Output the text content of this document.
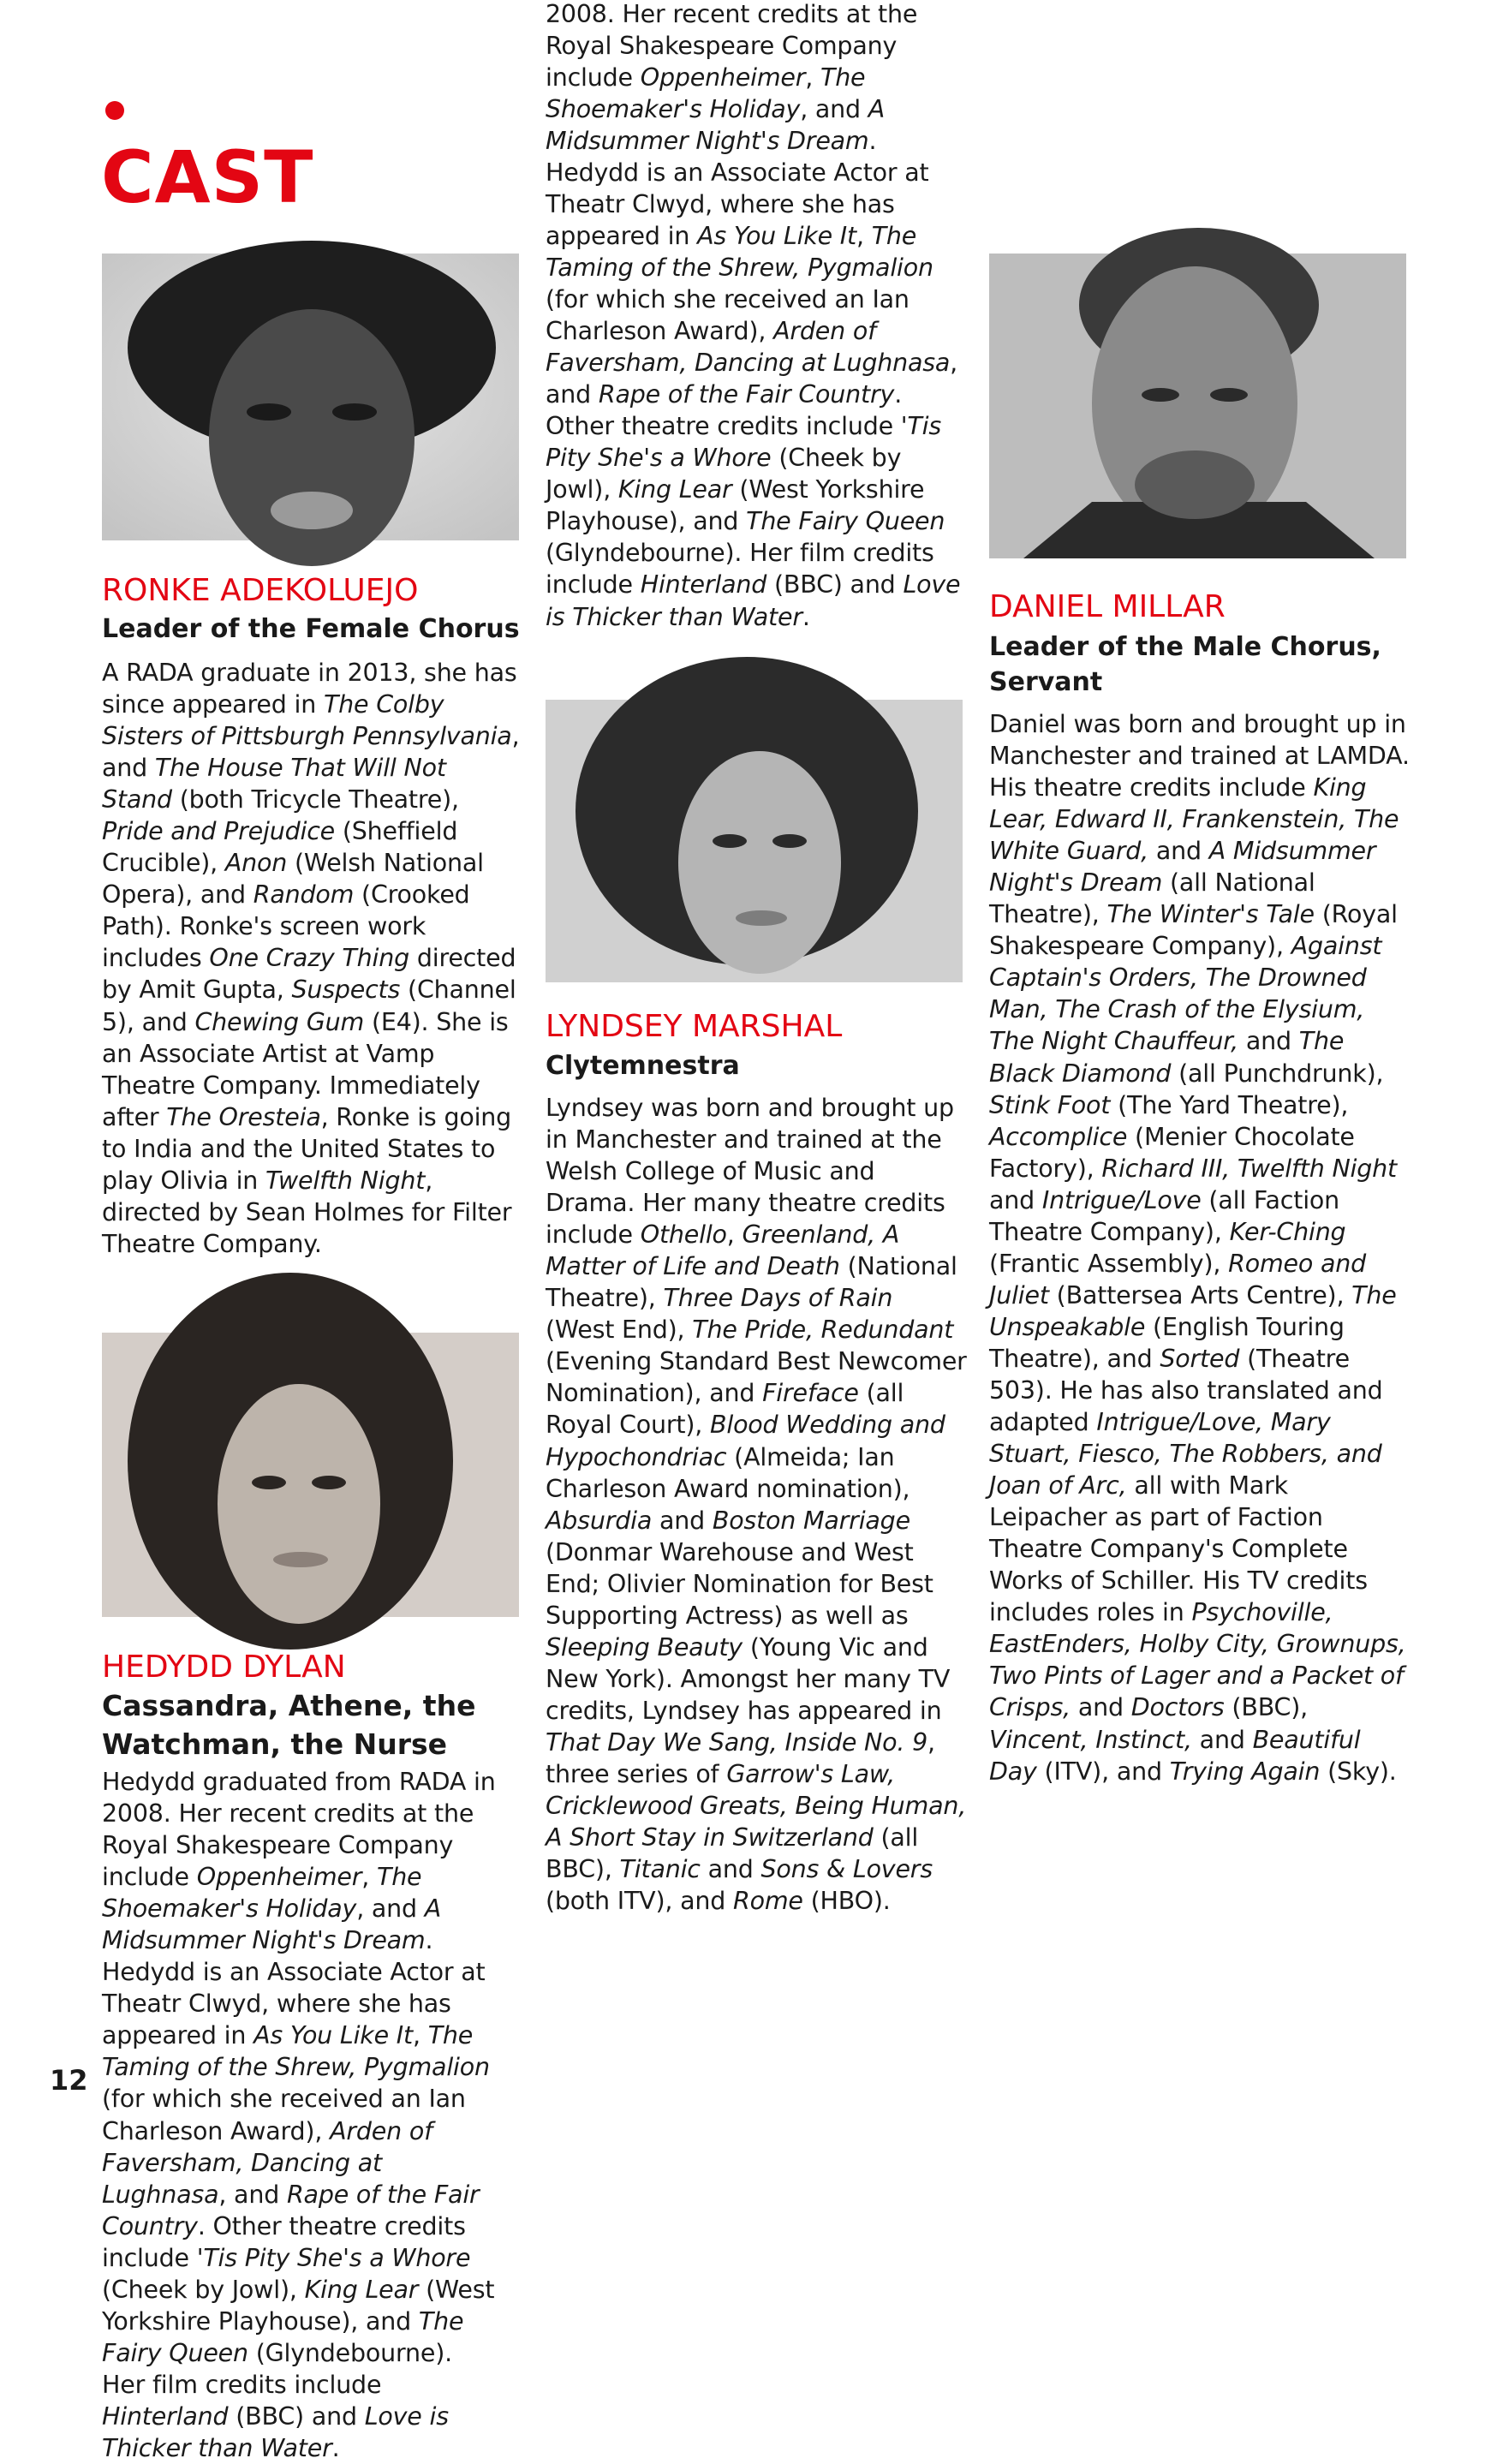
CAST
RONKE ADEKOLUEJO

Leader of the Female Chorus

A RADA graduate in 2013, she has since appeared in The Colby Sisters of Pittsburgh Pennsylvania, and The House That Will Not Stand (both Tricycle Theatre), Pride and Prejudice (Sheffield Crucible), Anon (Welsh National Opera), and Random (Crooked Path). Ronke's screen work includes One Crazy Thing directed by Amit Gupta, Suspects (Channel 5), and Chewing Gum (E4). She is an Associate Artist at Vamp Theatre Company. Immediately after The Oresteia, Ronke is going to India and the United States to play Olivia in Twelfth Night, directed by Sean Holmes for Filter Theatre Company.

HEDYDD DYLAN

Cassandra, Athene, the Watchman, the Nurse

Hedydd graduated from RADA in 2008. Her recent credits at the Royal Shakespeare Company include Oppenheimer, The Shoemaker's Holiday, and A Midsummer Night's Dream. Hedydd is an Associate Actor at Theatr Clwyd, where she has appeared in As You Like It, The Taming of the Shrew, Pygmalion (for which she received an Ian Charleson Award), Arden of Faversham, Dancing at Lughnasa, and Rape of the Fair Country. Other theatre credits include 'Tis Pity She's a Whore (Cheek by Jowl), King Lear (West Yorkshire Playhouse), and The Fairy Queen (Glyndebourne). Her film credits include Hinterland (BBC) and Love is Thicker than Water.

2008. Her recent credits at the Royal Shakespeare Company include Oppenheimer, The Shoemaker's Holiday, and A Midsummer Night's Dream. Hedydd is an Associate Actor at Theatr Clwyd, where she has appeared in As You Like It, The Taming of the Shrew, Pygmalion (for which she received an Ian Charleson Award), Arden of Faversham, Dancing at Lughnasa, and Rape of the Fair Country. Other theatre credits include 'Tis Pity She's a Whore (Cheek by Jowl), King Lear (West Yorkshire Playhouse), and The Fairy Queen (Glyndebourne). Her film credits include Hinterland (BBC) and Love is Thicker than Water.

LYNDSEY MARSHAL

Clytemnestra

Lyndsey was born and brought up in Manchester and trained at the Welsh College of Music and Drama. Her many theatre credits include Othello, Greenland, A Matter of Life and Death (National Theatre), Three Days of Rain (West End), The Pride, Redundant (Evening Standard Best Newcomer Nomination), and Fireface (all Royal Court), Blood Wedding and Hypochondriac (Almeida; Ian Charleson Award nomination), Absurdia and Boston Marriage (Donmar Warehouse and West End; Olivier Nomination for Best Supporting Actress) as well as Sleeping Beauty (Young Vic and New York). Amongst her many TV credits, Lyndsey has appeared in That Day We Sang, Inside No. 9, three series of Garrow's Law, Cricklewood Greats, Being Human, A Short Stay in Switzerland (all BBC), Titanic and Sons & Lovers (both ITV), and Rome (HBO).

DANIEL MILLAR

Leader of the Male Chorus, Servant

Daniel was born and brought up in Manchester and trained at LAMDA. His theatre credits include King Lear, Edward II, Frankenstein, The White Guard, and A Midsummer Night's Dream (all National Theatre), The Winter's Tale (Royal Shakespeare Company), Against Captain's Orders, The Drowned Man, The Crash of the Elysium, The Night Chauffeur, and The Black Diamond (all Punchdrunk), Stink Foot (The Yard Theatre), Accomplice (Menier Chocolate Factory), Richard III, Twelfth Night and Intrigue/Love (all Faction Theatre Company), Ker-Ching (Frantic Assembly), Romeo and Juliet (Battersea Arts Centre), The Unspeakable (English Touring Theatre), and Sorted (Theatre 503). He has also translated and adapted Intrigue/Love, Mary Stuart, Fiesco, The Robbers, and Joan of Arc, all with Mark Leipacher as part of Faction Theatre Company's Complete Works of Schiller. His TV credits includes roles in Psychoville, EastEnders, Holby City, Grownups, Two Pints of Lager and a Packet of Crisps, and Doctors (BBC), Vincent, Instinct, and Beautiful Day (ITV), and Trying Again (Sky).

12
